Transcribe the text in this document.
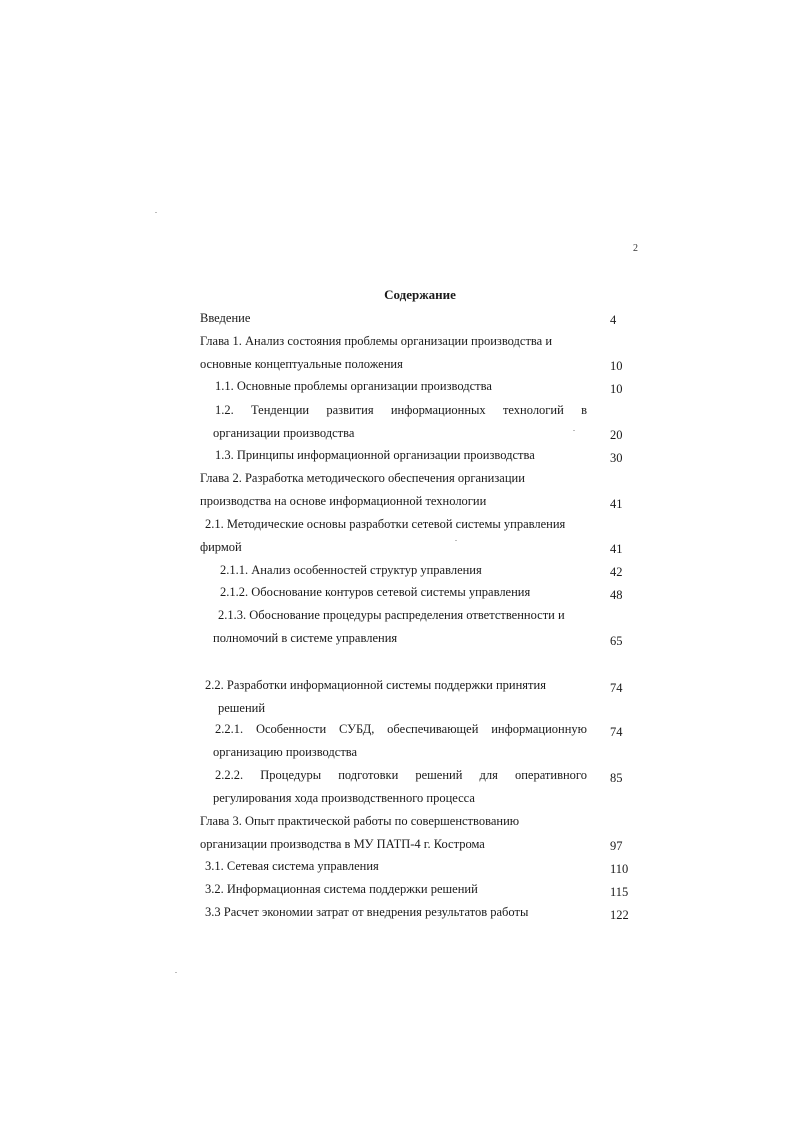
2
Содержание
Введение	4
Глава 1. Анализ состояния проблемы организации производства и
основные концептуальные положения	10
1.1. Основные проблемы организации производства	10
1.2. Тенденции развития информационных технологий в
организации производства	20
1.3. Принципы информационной организации производства	30
Глава 2. Разработка методического обеспечения организации
производства на основе информационной технологии	41
2.1. Методические основы разработки сетевой системы управления
фирмой	41
2.1.1. Анализ особенностей структур управления	42
2.1.2. Обоснование контуров сетевой системы управления	48
2.1.3. Обоснование процедуры распределения ответственности и
полномочий в системе управления	65
2.2. Разработки информационной системы поддержки принятия	74
решений
2.2.1. Особенности СУБД, обеспечивающей информационную 74
организацию производства
2.2.2. Процедуры подготовки решений для оперативного 85
регулирования хода производственного процесса
Глава 3. Опыт практической работы по совершенствованию
организации производства в МУ ПАТП-4 г. Кострома	97
3.1. Сетевая система управления	110
3.2. Информационная система поддержки решений	115
3.3 Расчет экономии затрат от внедрения результатов работы	122
